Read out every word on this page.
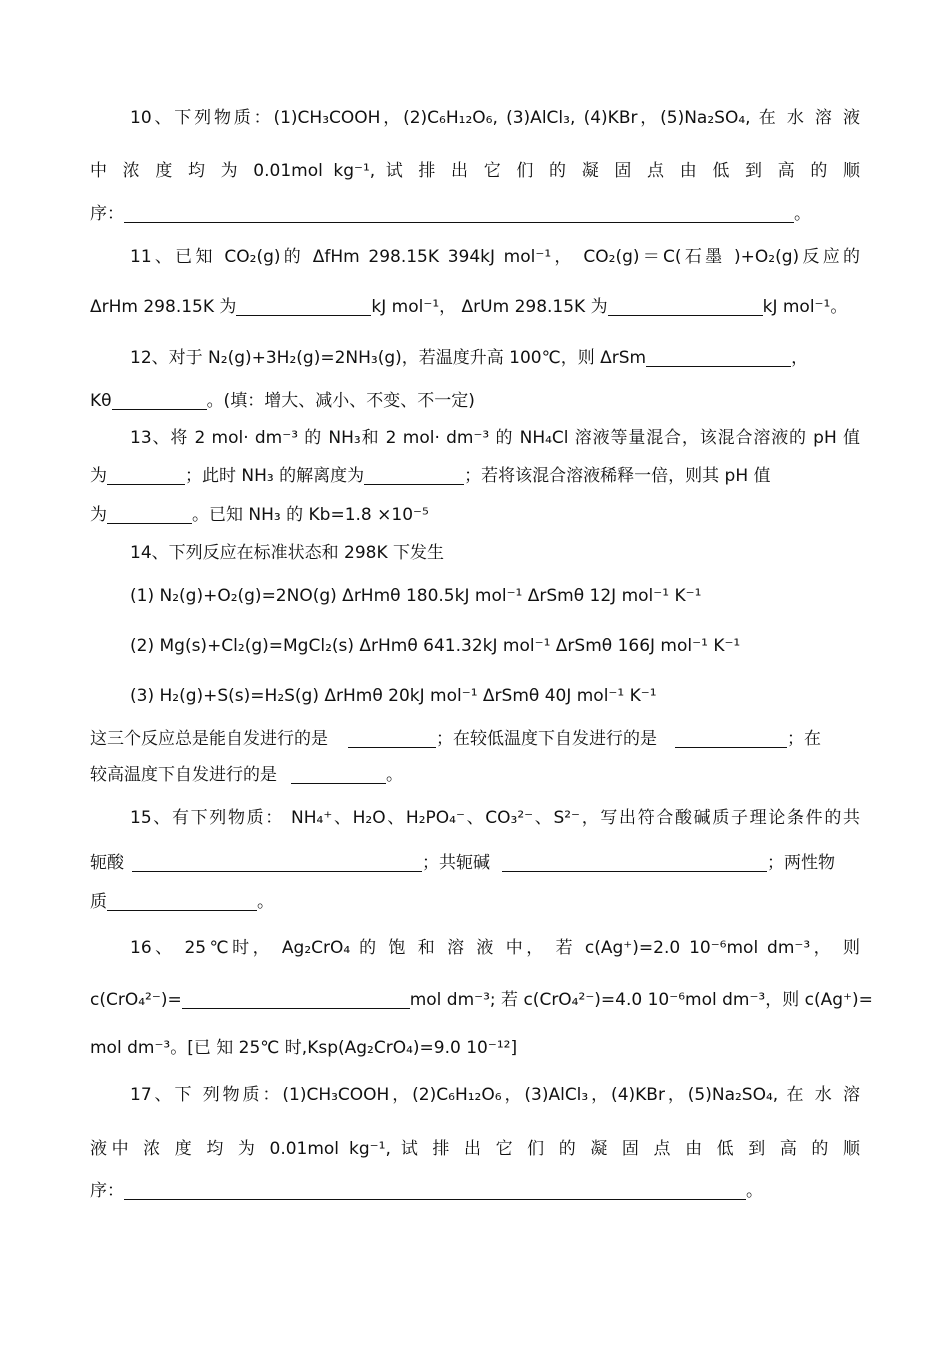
10、下列物质：(1)CH₃COOH，(2)C₆H₁₂O₆, (3)AlCl₃, (4)KBr，(5)Na₂SO₄, 在 水 溶 液
中 浓 度 均 为 0.01mol kg⁻¹, 试 排 出 它 们 的 凝 固 点 由 低 到 高 的 顺
序：	。
11、已知 CO₂(g)的 ΔfHm 298.15K 394kJ mol⁻¹， CO₂(g)＝C(石墨 )+O₂(g)反应的
ΔrHm 298.15K 为	kJ mol⁻¹， ΔrUm 298.15K 为	kJ mol⁻¹。
12、对于 N₂(g)+3H₂(g)=2NH₃(g)，若温度升高 100℃，则 ΔrSm	，
Kθ	。(填：增大、减小、不变、不一定)
13、将 2 mol· dm⁻³ 的 NH₃和 2 mol· dm⁻³ 的 NH₄Cl 溶液等量混合，该混合溶液的 pH 值
为	；此时 NH₃ 的解离度为	；若将该混合溶液稀释一倍，则其 pH 值
为	。已知 NH₃ 的 Kb=1.8 ×10⁻⁵
14、下列反应在标准状态和 298K 下发生
(1) N₂(g)+O₂(g)=2NO(g) ΔrHmθ 180.5kJ mol⁻¹ ΔrSmθ 12J mol⁻¹ K⁻¹
(2) Mg(s)+Cl₂(g)=MgCl₂(s) ΔrHmθ 641.32kJ mol⁻¹ ΔrSmθ 166J mol⁻¹ K⁻¹
(3) H₂(g)+S(s)=H₂S(g) ΔrHmθ 20kJ mol⁻¹ ΔrSmθ 40J mol⁻¹ K⁻¹
这三个反应总是能自发进行的是	；在较低温度下自发进行的是	；在
较高温度下自发进行的是	。
15、有下列物质： NH₄⁺、H₂O、H₂PO₄⁻、CO₃²⁻、S²⁻，写出符合酸碱质子理论条件的共
轭酸	；共轭碱	；两性物
质	。
16、 25℃时， Ag₂CrO₄ 的 饱 和 溶 液 中， 若 c(Ag⁺)=2.0 10⁻⁶mol dm⁻³， 则
c(CrO₄²⁻)=	mol dm⁻³; 若 c(CrO₄²⁻)=4.0 10⁻⁶mol dm⁻³，则 c(Ag⁺)=
mol dm⁻³。[已 知 25℃ 时,Ksp(Ag₂CrO₄)=9.0 10⁻¹²]
17、下 列物质：(1)CH₃COOH，(2)C₆H₁₂O₆，(3)AlCl₃，(4)KBr，(5)Na₂SO₄, 在 水 溶
液中 浓 度 均 为 0.01mol kg⁻¹, 试 排 出 它 们 的 凝 固 点 由 低 到 高 的 顺
序：	。
